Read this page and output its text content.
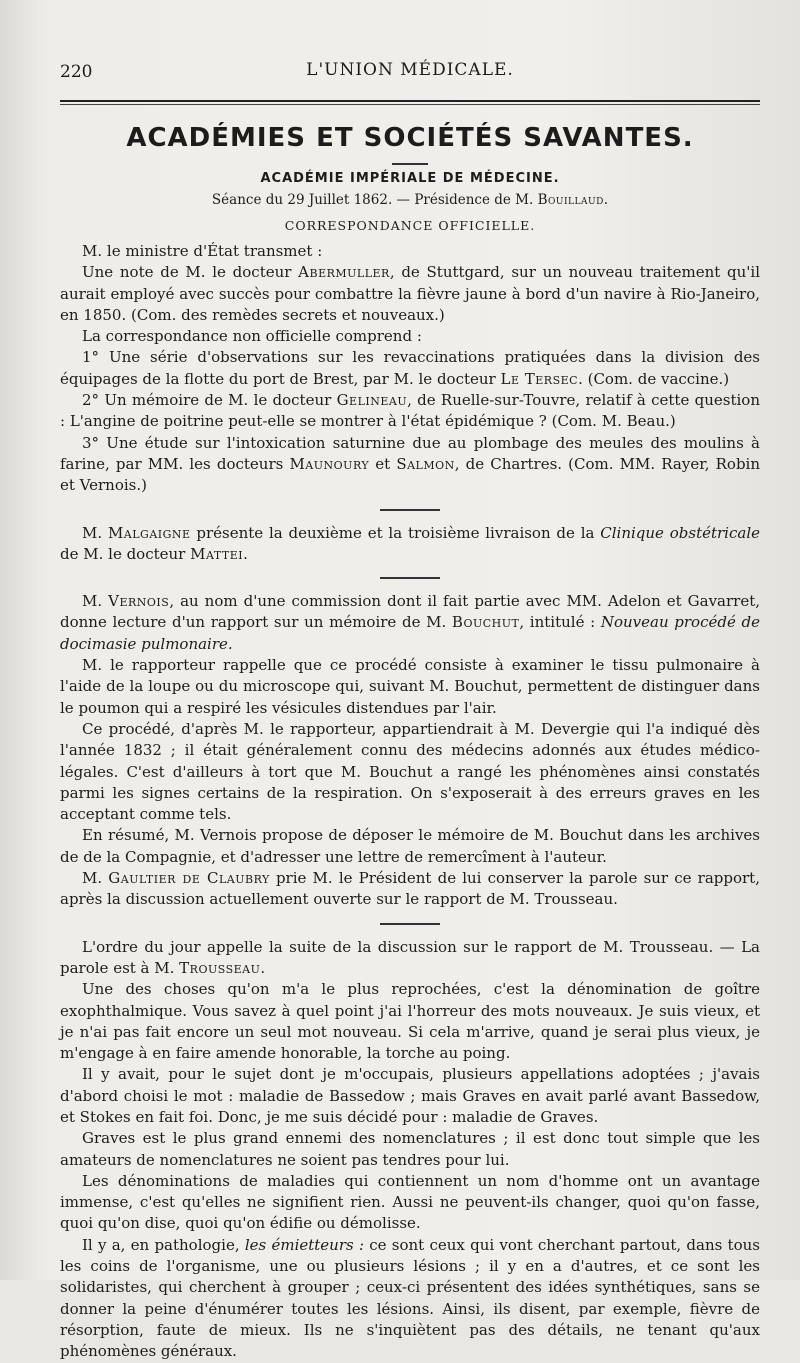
220	L'UNION MÉDICALE.
ACADÉMIES ET SOCIÉTÉS SAVANTES.
ACADÉMIE IMPÉRIALE DE MÉDECINE.
Séance du 29 Juillet 1862. — Présidence de M. Bouillaud.
CORRESPONDANCE OFFICIELLE.

M. le ministre d'État transmet :

Une note de M. le docteur Abermuller, de Stuttgard, sur un nouveau traitement qu'il aurait employé avec succès pour combattre la fièvre jaune à bord d'un navire à Rio-Janeiro, en 1850. (Com. des remèdes secrets et nouveaux.)

La correspondance non officielle comprend :

1° Une série d'observations sur les revaccinations pratiquées dans la division des équipages de la flotte du port de Brest, par M. le docteur Le Tersec. (Com. de vaccine.)

2° Un mémoire de M. le docteur Gelineau, de Ruelle-sur-Touvre, relatif à cette question : L'angine de poitrine peut-elle se montrer à l'état épidémique ? (Com. M. Beau.)

3° Une étude sur l'intoxication saturnine due au plombage des meules des moulins à farine, par MM. les docteurs Maunoury et Salmon, de Chartres. (Com. MM. Rayer, Robin et Vernois.)

M. Malgaigne présente la deuxième et la troisième livraison de la Clinique obstétricale de M. le docteur Mattei.

M. Vernois, au nom d'une commission dont il fait partie avec MM. Adelon et Gavarret, donne lecture d'un rapport sur un mémoire de M. Bouchut, intitulé : Nouveau procédé de docimasie pulmonaire.

M. le rapporteur rappelle que ce procédé consiste à examiner le tissu pulmonaire à l'aide de la loupe ou du microscope qui, suivant M. Bouchut, permettent de distinguer dans le poumon qui a respiré les vésicules distendues par l'air.

Ce procédé, d'après M. le rapporteur, appartiendrait à M. Devergie qui l'a indiqué dès l'année 1832 ; il était généralement connu des médecins adonnés aux études médico-légales. C'est d'ailleurs à tort que M. Bouchut a rangé les phénomènes ainsi constatés parmi les signes certains de la respiration. On s'exposerait à des erreurs graves en les acceptant comme tels.

En résumé, M. Vernois propose de déposer le mémoire de M. Bouchut dans les archives de de la Compagnie, et d'adresser une lettre de remercîment à l'auteur.

M. Gaultier de Claubry prie M. le Président de lui conserver la parole sur ce rapport, après la discussion actuellement ouverte sur le rapport de M. Trousseau.

L'ordre du jour appelle la suite de la discussion sur le rapport de M. Trousseau. — La parole est à M. Trousseau.

Une des choses qu'on m'a le plus reprochées, c'est la dénomination de goître exophthalmique. Vous savez à quel point j'ai l'horreur des mots nouveaux. Je suis vieux, et je n'ai pas fait encore un seul mot nouveau. Si cela m'arrive, quand je serai plus vieux, je m'engage à en faire amende honorable, la torche au poing.

Il y avait, pour le sujet dont je m'occupais, plusieurs appellations adoptées ; j'avais d'abord choisi le mot : maladie de Bassedow ; mais Graves en avait parlé avant Bassedow, et Stokes en fait foi. Donc, je me suis décidé pour : maladie de Graves.

Graves est le plus grand ennemi des nomenclatures ; il est donc tout simple que les amateurs de nomenclatures ne soient pas tendres pour lui.

Les dénominations de maladies qui contiennent un nom d'homme ont un avantage immense, c'est qu'elles ne signifient rien. Aussi ne peuvent-ils changer, quoi qu'on fasse, quoi qu'on dise, quoi qu'on édifie ou démolisse.

Il y a, en pathologie, les émietteurs : ce sont ceux qui vont cherchant partout, dans tous les coins de l'organisme, une ou plusieurs lésions ; il y en a d'autres, et ce sont les solidaristes, qui cherchent à grouper ; ceux-ci présentent des idées synthétiques, sans se donner la peine d'énumérer toutes les lésions. Ainsi, ils disent, par exemple, fièvre de résorption, faute de mieux. Ils ne s'inquiètent pas des détails, ne tenant qu'aux phénomènes généraux.
